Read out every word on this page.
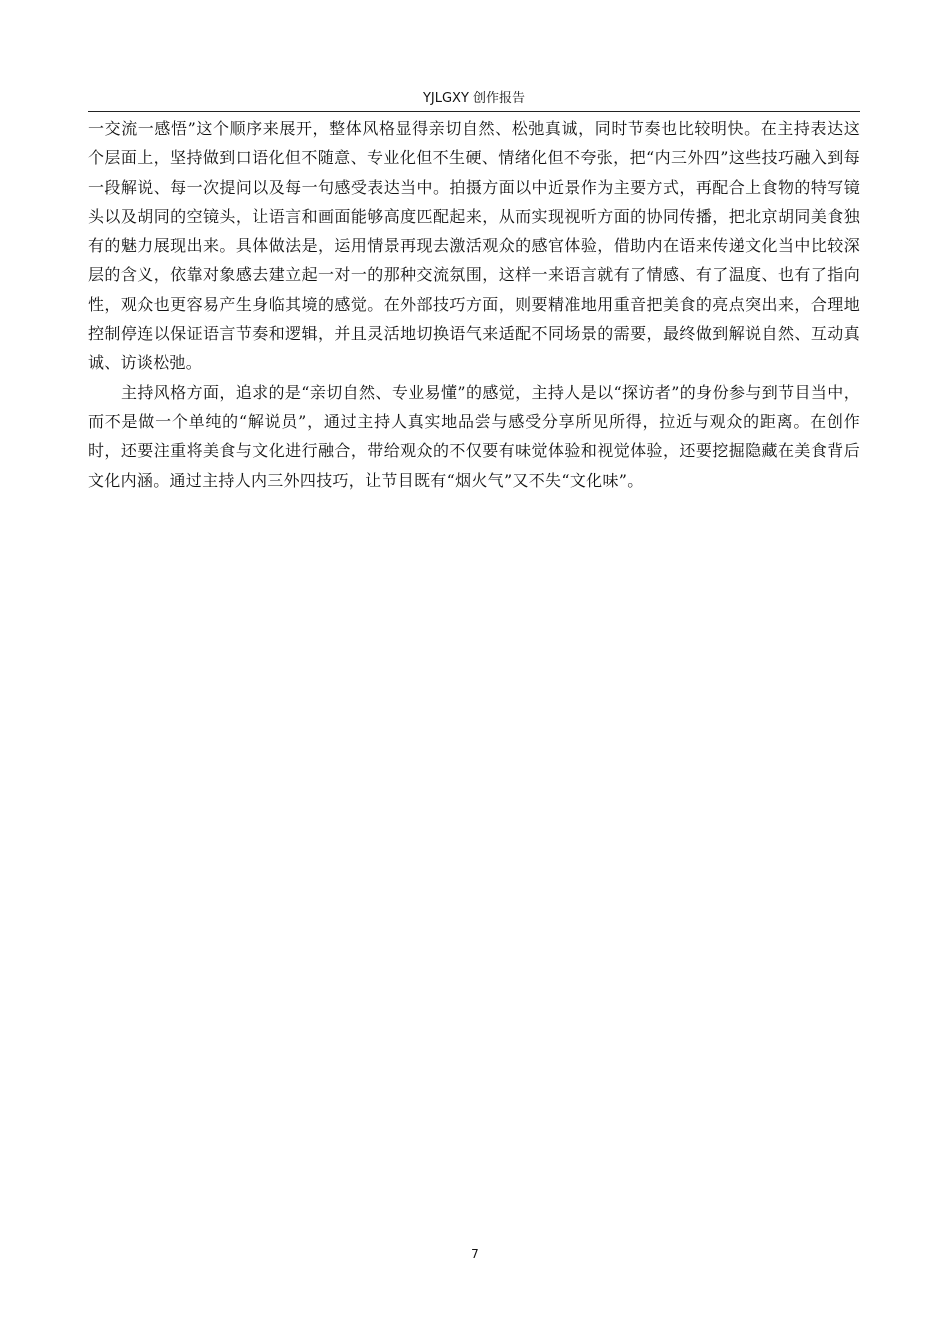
YJLGXY 创作报告

一交流一感悟”这个顺序来展开，整体风格显得亲切自然、松弛真诚，同时节奏也比较明快。在主持表达这个层面上，坚持做到口语化但不随意、专业化但不生硬、情绪化但不夸张，把“内三外四”这些技巧融入到每一段解说、每一次提问以及每一句感受表达当中。拍摄方面以中近景作为主要方式，再配合上食物的特写镜头以及胡同的空镜头，让语言和画面能够高度匹配起来，从而实现视听方面的协同传播，把北京胡同美食独有的魅力展现出来。具体做法是，运用情景再现去激活观众的感官体验，借助内在语来传递文化当中比较深层的含义，依靠对象感去建立起一对一的那种交流氛围，这样一来语言就有了情感、有了温度、也有了指向性，观众也更容易产生身临其境的感觉。在外部技巧方面，则要精准地用重音把美食的亮点突出来，合理地控制停连以保证语言节奏和逻辑，并且灵活地切换语气来适配不同场景的需要，最终做到解说自然、互动真诚、访谈松弛。

主持风格方面，追求的是“亲切自然、专业易懂”的感觉，主持人是以“探访者”的身份参与到节目当中，而不是做一个单纯的“解说员”，通过主持人真实地品尝与感受分享所见所得，拉近与观众的距离。在创作时，还要注重将美食与文化进行融合，带给观众的不仅要有味觉体验和视觉体验，还要挖掘隐藏在美食背后文化内涵。通过主持人内三外四技巧，让节目既有“烟火气”又不失“文化味”。

7
